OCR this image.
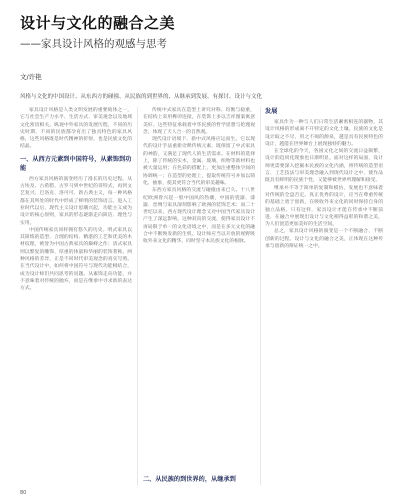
设计与文化的融合之美
——家具设计风格的观感与思考
文/许艳
风格与文化的中国设计、从东西方的碰撞、从民族的到世界的、从继承到发展、有探讨、设计与文化

家具设计风格是人类文明发展的重要载体之一，它与社会生产力水平、生活方式、审美观念以及地域文化密切相关。纵观中外家具的发展历程，不同的历史时期、不同的民族都孕育出了独具特色的家具风格，这些风格既是时代精神的折射，也是民族文化的结晶。

一、从西方元素到中国符号，从素饰到功能

西方家具风格的演变经历了漫长的历史过程。从古埃及、古希腊、古罗马到中世纪的哥特式，再到文艺复兴、巴洛克、洛可可、新古典主义，每一种风格都在其所处的时代中形成了鲜明的装饰语言。进入工业时代以后，现代主义设计思潮兴起，功能主义成为设计的核心原则，家具的形态逐渐走向简洁、理性与实用。

中国传统家具同样拥有悠久的历史。明式家具以其简练的造型、合理的结构、精湛的工艺和优美的木材纹理，被誉为中国古典家具的巅峰之作；清式家具则以繁复的雕饰、厚重的体量和华丽的装饰著称。两种风格的差异，正是不同时代审美观念的真实写照。在当代设计中，如何将中国符号与现代功能相结合，成为设计师们共同思考的问题。从素饰走向功能，并不意味着对传统的抛弃，而是在继承中寻求新的表达方式。

传统中式家具在造型上讲究对称、均衡与稳重，在结构上采用榫卯连接，在装饰上多以吉祥图案寓意美好。这些特征承载着中华民族的哲学思想与伦理观念，体现了天人合一的自然观。

现代设计语境下，新中式风格应运而生。它以现代的设计手法重新诠释传统元素，既保留了中式家具的神韵，又满足了现代人的生活需求。在材料的选择上，除了传统的实木，金属、玻璃、织物等新材料也被大量运用；在色彩的搭配上，更加注重整体空间的协调统一；在造型的处理上，提取传统符号并加以简化、抽象，使其更符合当代的审美趣味。

东西方家具风格的交流与碰撞由来已久。十八世纪欧洲曾兴起一股中国风的热潮，中国的瓷器、漆器、丝绸与家具深刻影响了欧洲的装饰艺术；而二十世纪以来，西方现代设计理念又对中国当代家具设计产生了深远影响。这种双向的交流，使得家具设计不再局限于单一的文化语境之中，而是在多元文化的融合中不断焕发新的生机。设计师应当以开放的视野吸收外来文化的精华，同时坚守本民族文化的根脉。

二、从民族的到世界的，从继承到
发展

家具作为一种与人们日常生活紧密相连的器物，其设计风格的形成离不开特定的文化土壤。民族的文化是设计取之不尽、用之不竭的源泉，越是具有民族特色的设计，越能在世界舞台上展现独特的魅力。

在全球化的今天，各国文化之间的交流日益频繁，设计的趋同化现象也日渐明显。面对这样的局面，设计师更需要深入挖掘本民族的文化内涵，将传统的造型语言、工艺技法与审美理念融入到现代设计之中，使作品既具有鲜明的民族个性，又能够被世界所理解和接受。

继承并不等于简单的复制和模仿，发展也不意味着对传统的全盘否定。真正优秀的设计，应当在尊重传统的基础上勇于创新，在吸收外来文化的同时保持自身的独立品格。只有这样，家具设计才能在传承中不断前进，在融合中展现出设计与文化相得益彰的和谐之美，为人们创造更加美好的生活空间。

总之，家具设计风格的演变是一个不断融合、不断创新的过程。设计与文化的融合之美，正体现在这种传承与创新的辩证统一之中。

80
